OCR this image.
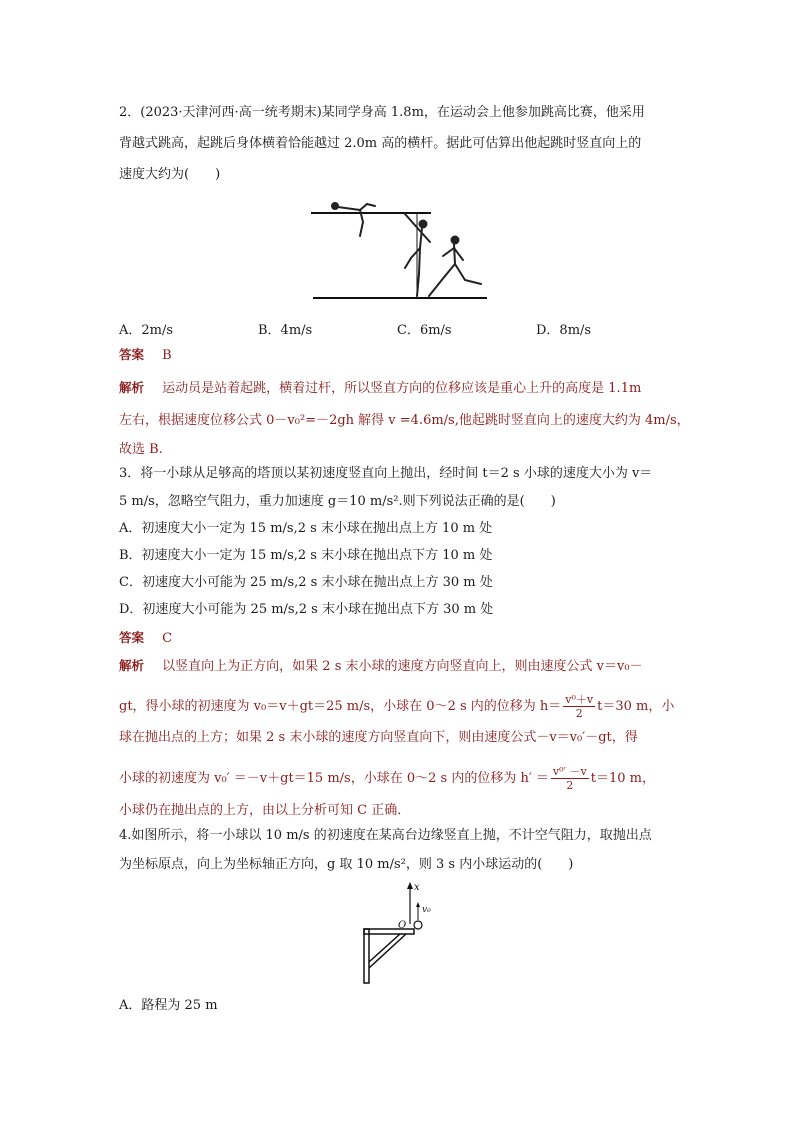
2．(2023·天津河西·高一统考期末)某同学身高 1.8m，在运动会上他参加跳高比赛，他采用
背越式跳高，起跳后身体横着恰能越过 2.0m 高的横杆。据此可估算出他起跳时竖直向上的
速度大约为(　　)
A．2m/s	B．4m/s	C．6m/s	D．8m/s
答案 B
解析 运动员是站着起跳，横着过杆，所以竖直方向的位移应该是重心上升的高度是 1.1m
左右，根据速度位移公式 0－v₀²=－2gh 解得 v =4.6m/s,他起跳时竖直向上的速度大约为 4m/s，
故选 B.
3．将一小球从足够高的塔顶以某初速度竖直向上抛出，经时间 t＝2 s 小球的速度大小为 v＝
5 m/s，忽略空气阻力，重力加速度 g＝10 m/s².则下列说法正确的是(　　)
A．初速度大小一定为 15 m/s,2 s 末小球在抛出点上方 10 m 处
B．初速度大小一定为 15 m/s,2 s 末小球在抛出点下方 10 m 处
C．初速度大小可能为 25 m/s,2 s 末小球在抛出点上方 30 m 处
D．初速度大小可能为 25 m/s,2 s 末小球在抛出点下方 30 m 处
答案 C
解析 以竖直向上为正方向，如果 2 s 末小球的速度方向竖直向上，则由速度公式 v＝v₀－
gt，得小球的初速度为 v₀＝v＋gt＝25 m/s，小球在 0～2 s 内的位移为 $h= \frac{\text{v⁰＋v}}{2} t=30$ m，小
球在抛出点的上方；如果 2 s 末小球的速度方向竖直向下，则由速度公式－v＝v₀′－gt，得
小球的初速度为 v₀′ ＝－v＋gt＝15 m/s，小球在 0～2 s 内的位移为 $h' = \frac{\text{v⁰′ －v}}{2} t=10$ m，
小球仍在抛出点的上方，由以上分析可知 C 正确．
4.如图所示，将一小球以 10 m/s 的初速度在某高台边缘竖直上抛，不计空气阻力，取抛出点
为坐标原点，向上为坐标轴正方向，g 取 10 m/s²，则 3 s 内小球运动的(　　)
x
v₀
O
A．路程为 25 m
